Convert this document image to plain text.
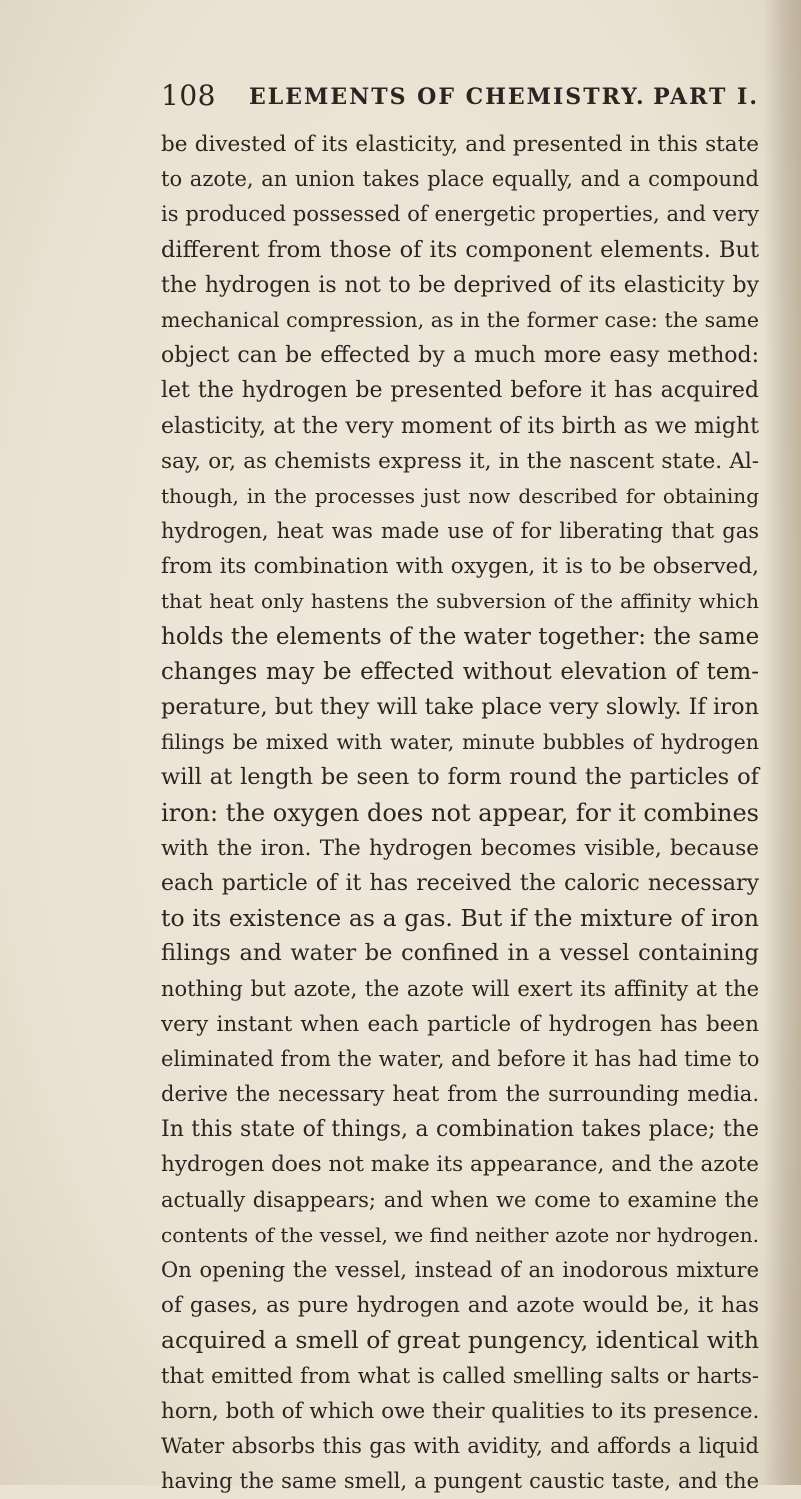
108 ELEMENTS OF CHEMISTRY. PART I.
be divested of its elasticity, and presented in this state
to azote, an union takes place equally, and a compound
is produced possessed of energetic properties, and very
different from those of its component elements. But
the hydrogen is not to be deprived of its elasticity by
mechanical compression, as in the former case: the same
object can be effected by a much more easy method:
let the hydrogen be presented before it has acquired
elasticity, at the very moment of its birth as we might
say, or, as chemists express it, in the nascent state. Al-
though, in the processes just now described for obtaining
hydrogen, heat was made use of for liberating that gas
from its combination with oxygen, it is to be observed,
that heat only hastens the subversion of the affinity which
holds the elements of the water together: the same
changes may be effected without elevation of tem-
perature, but they will take place very slowly. If iron
filings be mixed with water, minute bubbles of hydrogen
will at length be seen to form round the particles of
iron: the oxygen does not appear, for it combines
with the iron. The hydrogen becomes visible, because
each particle of it has received the caloric necessary
to its existence as a gas. But if the mixture of iron
filings and water be confined in a vessel containing
nothing but azote, the azote will exert its affinity at the
very instant when each particle of hydrogen has been
eliminated from the water, and before it has had time to
derive the necessary heat from the surrounding media.
In this state of things, a combination takes place; the
hydrogen does not make its appearance, and the azote
actually disappears; and when we come to examine the
contents of the vessel, we find neither azote nor hydrogen.
On opening the vessel, instead of an inodorous mixture
of gases, as pure hydrogen and azote would be, it has
acquired a smell of great pungency, identical with
that emitted from what is called smelling salts or harts-
horn, both of which owe their qualities to its presence.
Water absorbs this gas with avidity, and affords a liquid
having the same smell, a pungent caustic taste, and the
